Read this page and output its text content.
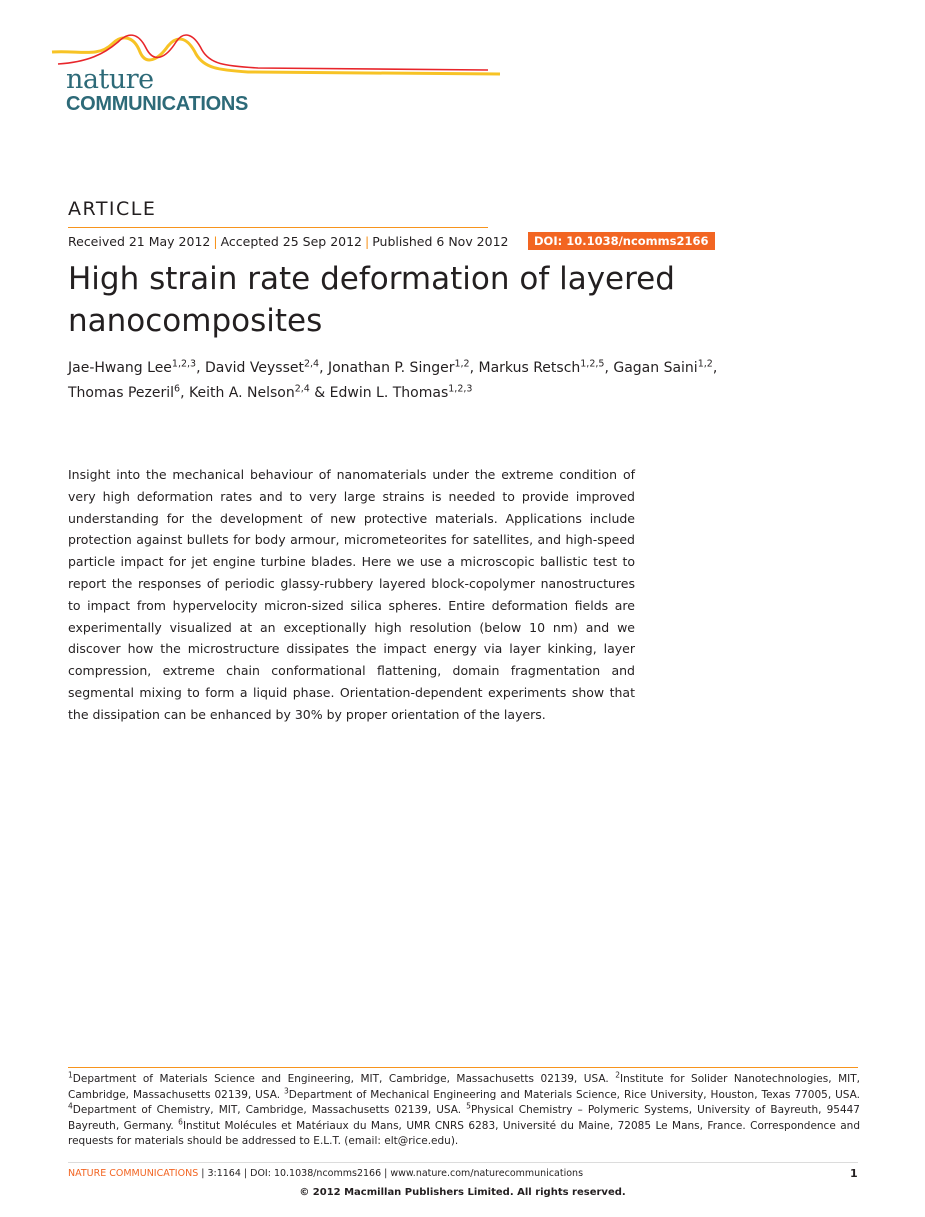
nature
COMMUNICATIONS
ARTICLE
Received 21 May 2012 | Accepted 25 Sep 2012 | Published 6 Nov 2012	DOI: 10.1038/ncomms2166
High strain rate deformation of layered nanocomposites
Jae-Hwang Lee$^{1,2,3}$, David Veysset$^{2,4}$, Jonathan P. Singer$^{1,2}$, Markus Retsch$^{1,2,5}$, Gagan Saini$^{1,2}$,
Thomas Pezeril$^6$, Keith A. Nelson$^{2,4}$ & Edwin L. Thomas$^{1,2,3}$

Insight into the mechanical behaviour of nanomaterials under the extreme condition of very high deformation rates and to very large strains is needed to provide improved understanding for the development of new protective materials. Applications include protection against bullets for body armour, micrometeorites for satellites, and high-speed particle impact for jet engine turbine blades. Here we use a microscopic ballistic test to report the responses of periodic glassy-rubbery layered block-copolymer nanostructures to impact from hypervelocity micron-sized silica spheres. Entire deformation fields are experimentally visualized at an exceptionally high resolution (below 10 nm) and we discover how the microstructure dissipates the impact energy via layer kinking, layer compression, extreme chain conformational flattening, domain fragmentation and segmental mixing to form a liquid phase. Orientation-dependent experiments show that the dissipation can be enhanced by 30% by proper orientation of the layers.

$^1$Department of Materials Science and Engineering, MIT, Cambridge, Massachusetts 02139, USA. $^2$Institute for Solider Nanotechnologies, MIT, Cambridge, Massachusetts 02139, USA. $^3$Department of Mechanical Engineering and Materials Science, Rice University, Houston, Texas 77005, USA. $^4$Department of Chemistry, MIT, Cambridge, Massachusetts 02139, USA. $^5$Physical Chemistry – Polymeric Systems, University of Bayreuth, 95447 Bayreuth, Germany. $^6$Institut Molécules et Matériaux du Mans, UMR CNRS 6283, Université du Maine, 72085 Le Mans, France. Correspondence and requests for materials should be addressed to E.L.T. (email: elt@rice.edu).

NATURE COMMUNICATIONS | 3:1164 | DOI: 10.1038/ncomms2166 | www.nature.com/naturecommunications	1
© 2012 Macmillan Publishers Limited. All rights reserved.
